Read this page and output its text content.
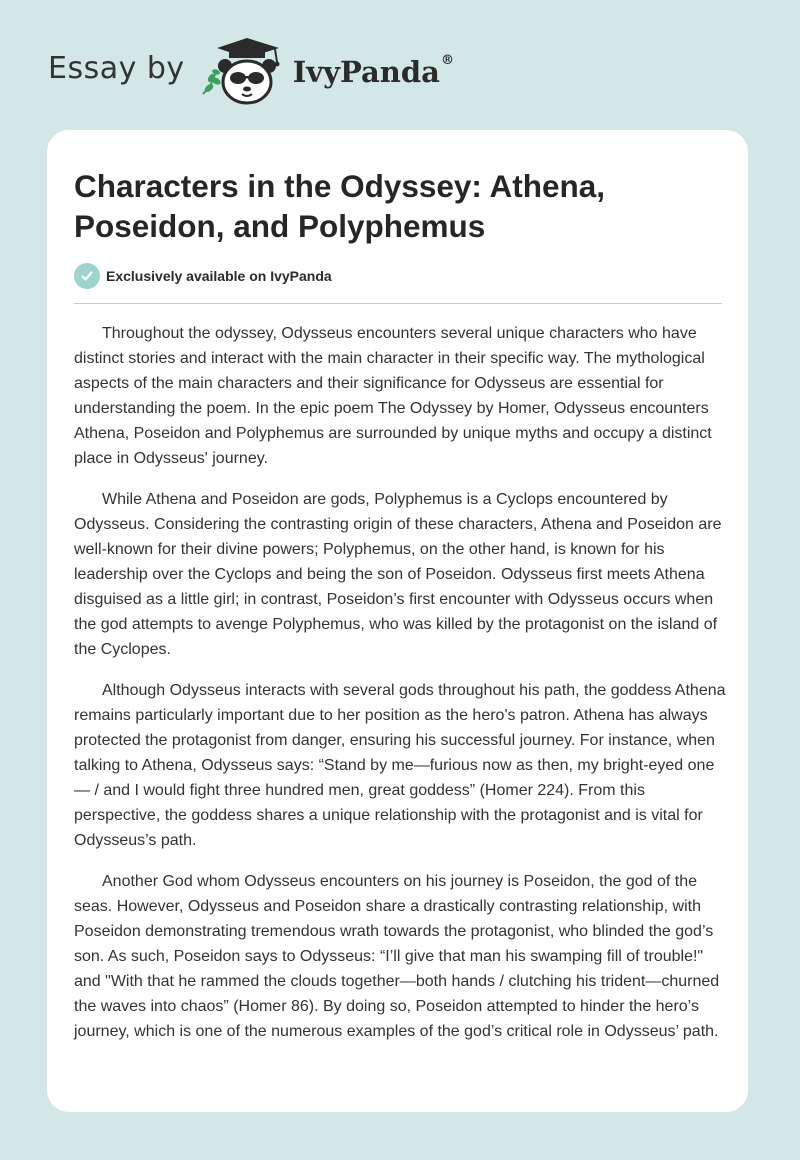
Essay by	IvyPanda®
Characters in the Odyssey: Athena, Poseidon, and Polyphemus
Exclusively available on IvyPanda

Throughout the odyssey, Odysseus encounters several unique characters who have distinct stories and interact with the main character in their specific way. The mythological aspects of the main characters and their significance for Odysseus are essential for understanding the poem. In the epic poem The Odyssey by Homer, Odysseus encounters Athena, Poseidon and Polyphemus are surrounded by unique myths and occupy a distinct place in Odysseus' journey.

While Athena and Poseidon are gods, Polyphemus is a Cyclops encountered by Odysseus. Considering the contrasting origin of these characters, Athena and Poseidon are well-known for their divine powers; Polyphemus, on the other hand, is known for his leadership over the Cyclops and being the son of Poseidon. Odysseus first meets Athena disguised as a little girl; in contrast, Poseidon’s first encounter with Odysseus occurs when the god attempts to avenge Polyphemus, who was killed by the protagonist on the island of the Cyclopes.

Although Odysseus interacts with several gods throughout his path, the goddess Athena remains particularly important due to her position as the hero's patron. Athena has always protected the protagonist from danger, ensuring his successful journey. For instance, when talking to Athena, Odysseus says: “Stand by me—furious now as then, my bright-eyed one— / and I would fight three hundred men, great goddess” (Homer 224). From this perspective, the goddess shares a unique relationship with the protagonist and is vital for Odysseus’s path.

Another God whom Odysseus encounters on his journey is Poseidon, the god of the seas. However, Odysseus and Poseidon share a drastically contrasting relationship, with Poseidon demonstrating tremendous wrath towards the protagonist, who blinded the god’s son. As such, Poseidon says to Odysseus: “I’ll give that man his swamping fill of trouble!" and "With that he rammed the clouds together—both hands / clutching his trident—churned the waves into chaos” (Homer 86). By doing so, Poseidon attempted to hinder the hero’s journey, which is one of the numerous examples of the god’s critical role in Odysseus’ path.
